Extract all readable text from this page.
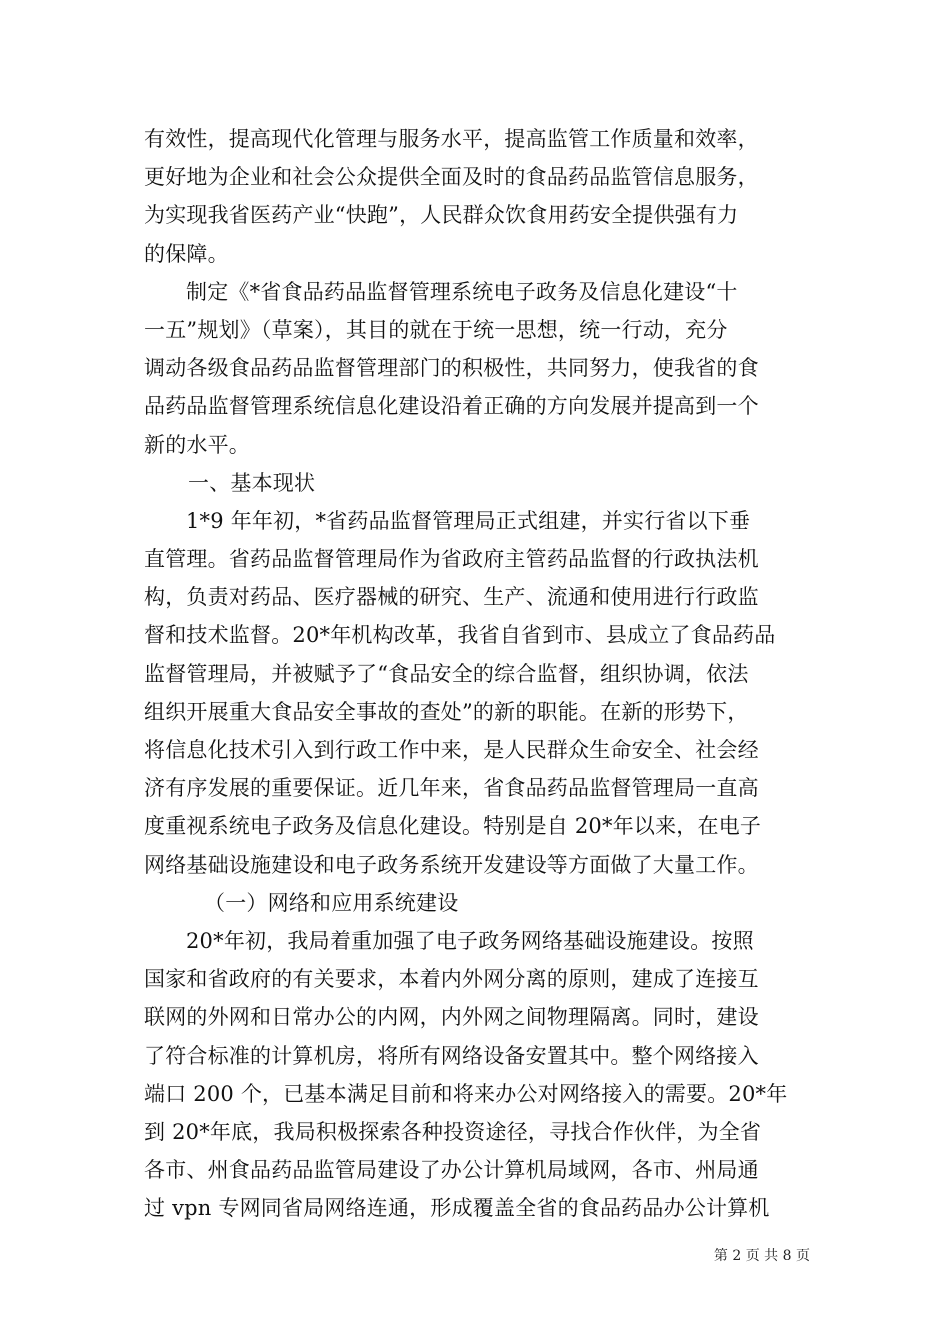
有效性，提高现代化管理与服务水平，提高监管工作质量和效率，
更好地为企业和社会公众提供全面及时的食品药品监管信息服务，
为实现我省医药产业“快跑”，人民群众饮食用药安全提供强有力
的保障。
制定《*省食品药品监督管理系统电子政务及信息化建设“十
一五”规划》（草案），其目的就在于统一思想，统一行动，充分
调动各级食品药品监督管理部门的积极性，共同努力，使我省的食
品药品监督管理系统信息化建设沿着正确的方向发展并提高到一个
新的水平。
一、基本现状
1*9 年年初，*省药品监督管理局正式组建，并实行省以下垂
直管理。省药品监督管理局作为省政府主管药品监督的行政执法机
构，负责对药品、医疗器械的研究、生产、流通和使用进行行政监
督和技术监督。20*年机构改革，我省自省到市、县成立了食品药品
监督管理局，并被赋予了“食品安全的综合监督，组织协调，依法
组织开展重大食品安全事故的查处”的新的职能。在新的形势下，
将信息化技术引入到行政工作中来，是人民群众生命安全、社会经
济有序发展的重要保证。近几年来，省食品药品监督管理局一直高
度重视系统电子政务及信息化建设。特别是自 20*年以来，在电子
网络基础设施建设和电子政务系统开发建设等方面做了大量工作。
（一）网络和应用系统建设
20*年初，我局着重加强了电子政务网络基础设施建设。按照
国家和省政府的有关要求，本着内外网分离的原则，建成了连接互
联网的外网和日常办公的内网，内外网之间物理隔离。同时，建设
了符合标准的计算机房，将所有网络设备安置其中。整个网络接入
端口 200 个，已基本满足目前和将来办公对网络接入的需要。20*年
到 20*年底，我局积极探索各种投资途径，寻找合作伙伴，为全省
各市、州食品药品监管局建设了办公计算机局域网，各市、州局通
过 vpn 专网同省局网络连通，形成覆盖全省的食品药品办公计算机
第 2 页 共 8 页
